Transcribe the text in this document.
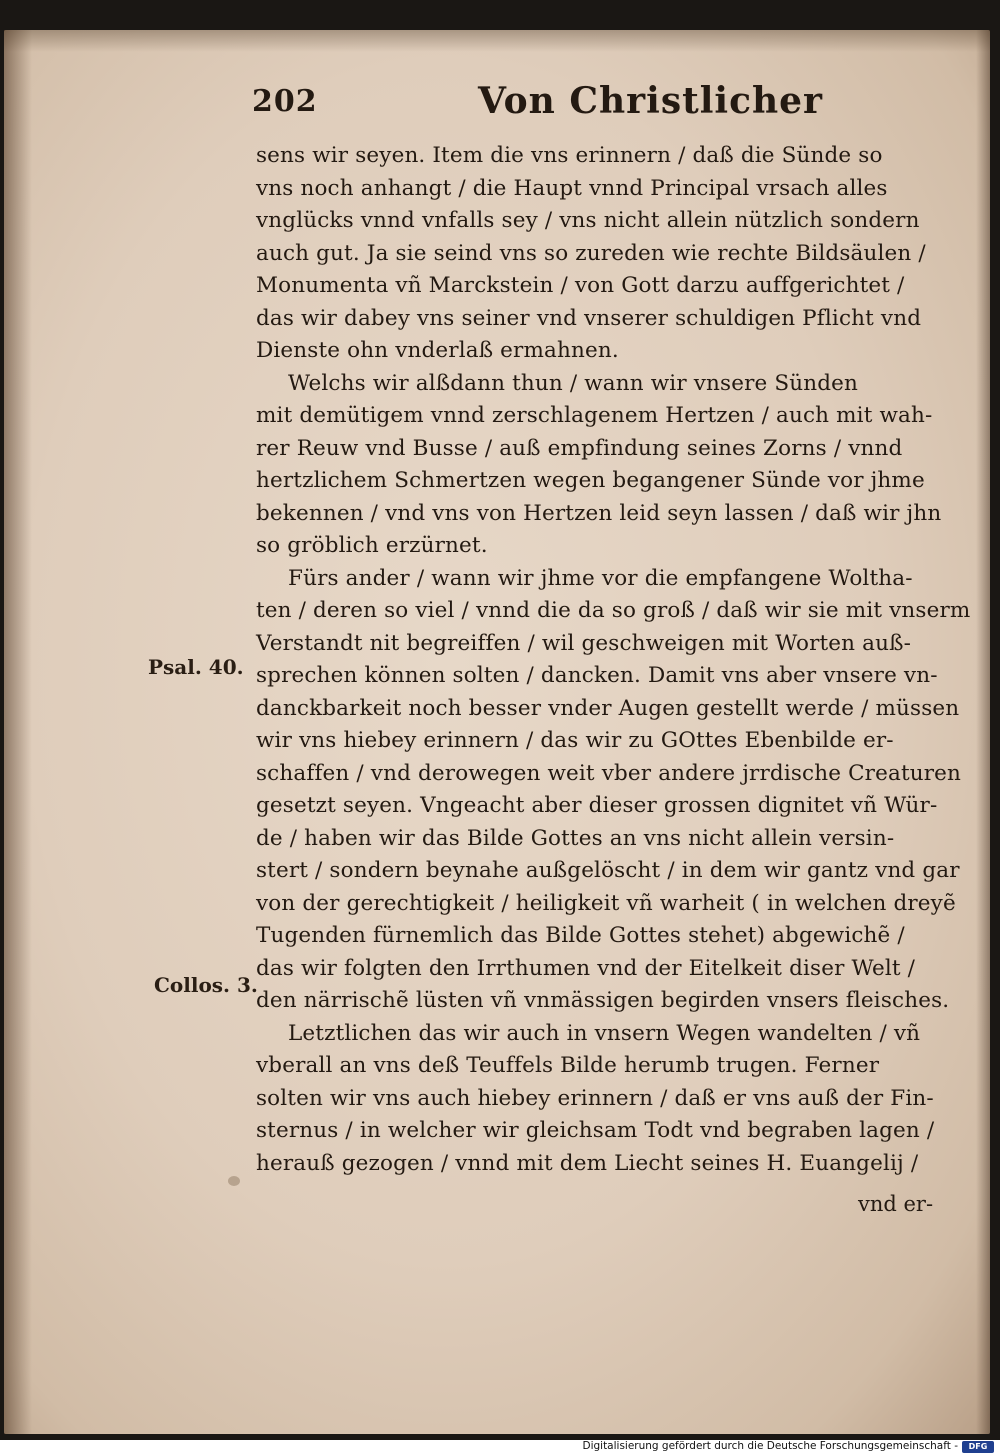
202	Von Christlicher
sens wir seyen. Item die vns erinnern / daß die Sünde so
vns noch anhangt / die Haupt vnnd Principal vrsach alles
vnglücks vnnd vnfalls sey / vns nicht allein nützlich sondern
auch gut. Ja sie seind vns so zureden wie rechte Bildsäulen /
Monumenta vñ Marckstein / von Gott darzu auffgerichtet /
das wir dabey vns seiner vnd vnserer schuldigen Pflicht vnd
Dienste ohn vnderlaß ermahnen.
Welchs wir alßdann thun / wann wir vnsere Sünden
mit demütigem vnnd zerschlagenem Hertzen / auch mit wah-
rer Reuw vnd Busse / auß empfindung seines Zorns / vnnd
hertzlichem Schmertzen wegen begangener Sünde vor jhme
bekennen / vnd vns von Hertzen leid seyn lassen / daß wir jhn
so gröblich erzürnet.
Fürs ander / wann wir jhme vor die empfangene Woltha-
ten / deren so viel / vnnd die da so groß / daß wir sie mit vnserm
Verstandt nit begreiffen / wil geschweigen mit Worten auß-
sprechen können solten / dancken. Damit vns aber vnsere vn-
danckbarkeit noch besser vnder Augen gestellt werde / müssen
wir vns hiebey erinnern / das wir zu GOttes Ebenbilde er-
schaffen / vnd derowegen weit vber andere jrrdische Creaturen
gesetzt seyen. Vngeacht aber dieser grossen dignitet vñ Wür-
de / haben wir das Bilde Gottes an vns nicht allein versin-
stert / sondern beynahe außgelöscht / in dem wir gantz vnd gar
von der gerechtigkeit / heiligkeit vñ warheit ( in welchen dreyẽ
Tugenden fürnemlich das Bilde Gottes stehet) abgewichẽ /
das wir folgten den Irrthumen vnd der Eitelkeit diser Welt /
den närrischẽ lüsten vñ vnmässigen begirden vnsers fleisches.
Letztlichen das wir auch in vnsern Wegen wandelten / vñ
vberall an vns deß Teuffels Bilde herumb trugen. Ferner
solten wir vns auch hiebey erinnern / daß er vns auß der Fin-
sternus / in welcher wir gleichsam Todt vnd begraben lagen /
herauß gezogen / vnnd mit dem Liecht seines H. Euangelij /
vnd er-
Psal. 40.
Collos. 3.
Digitalisierung gefördert durch die Deutsche Forschungsgemeinschaft -	DFG
